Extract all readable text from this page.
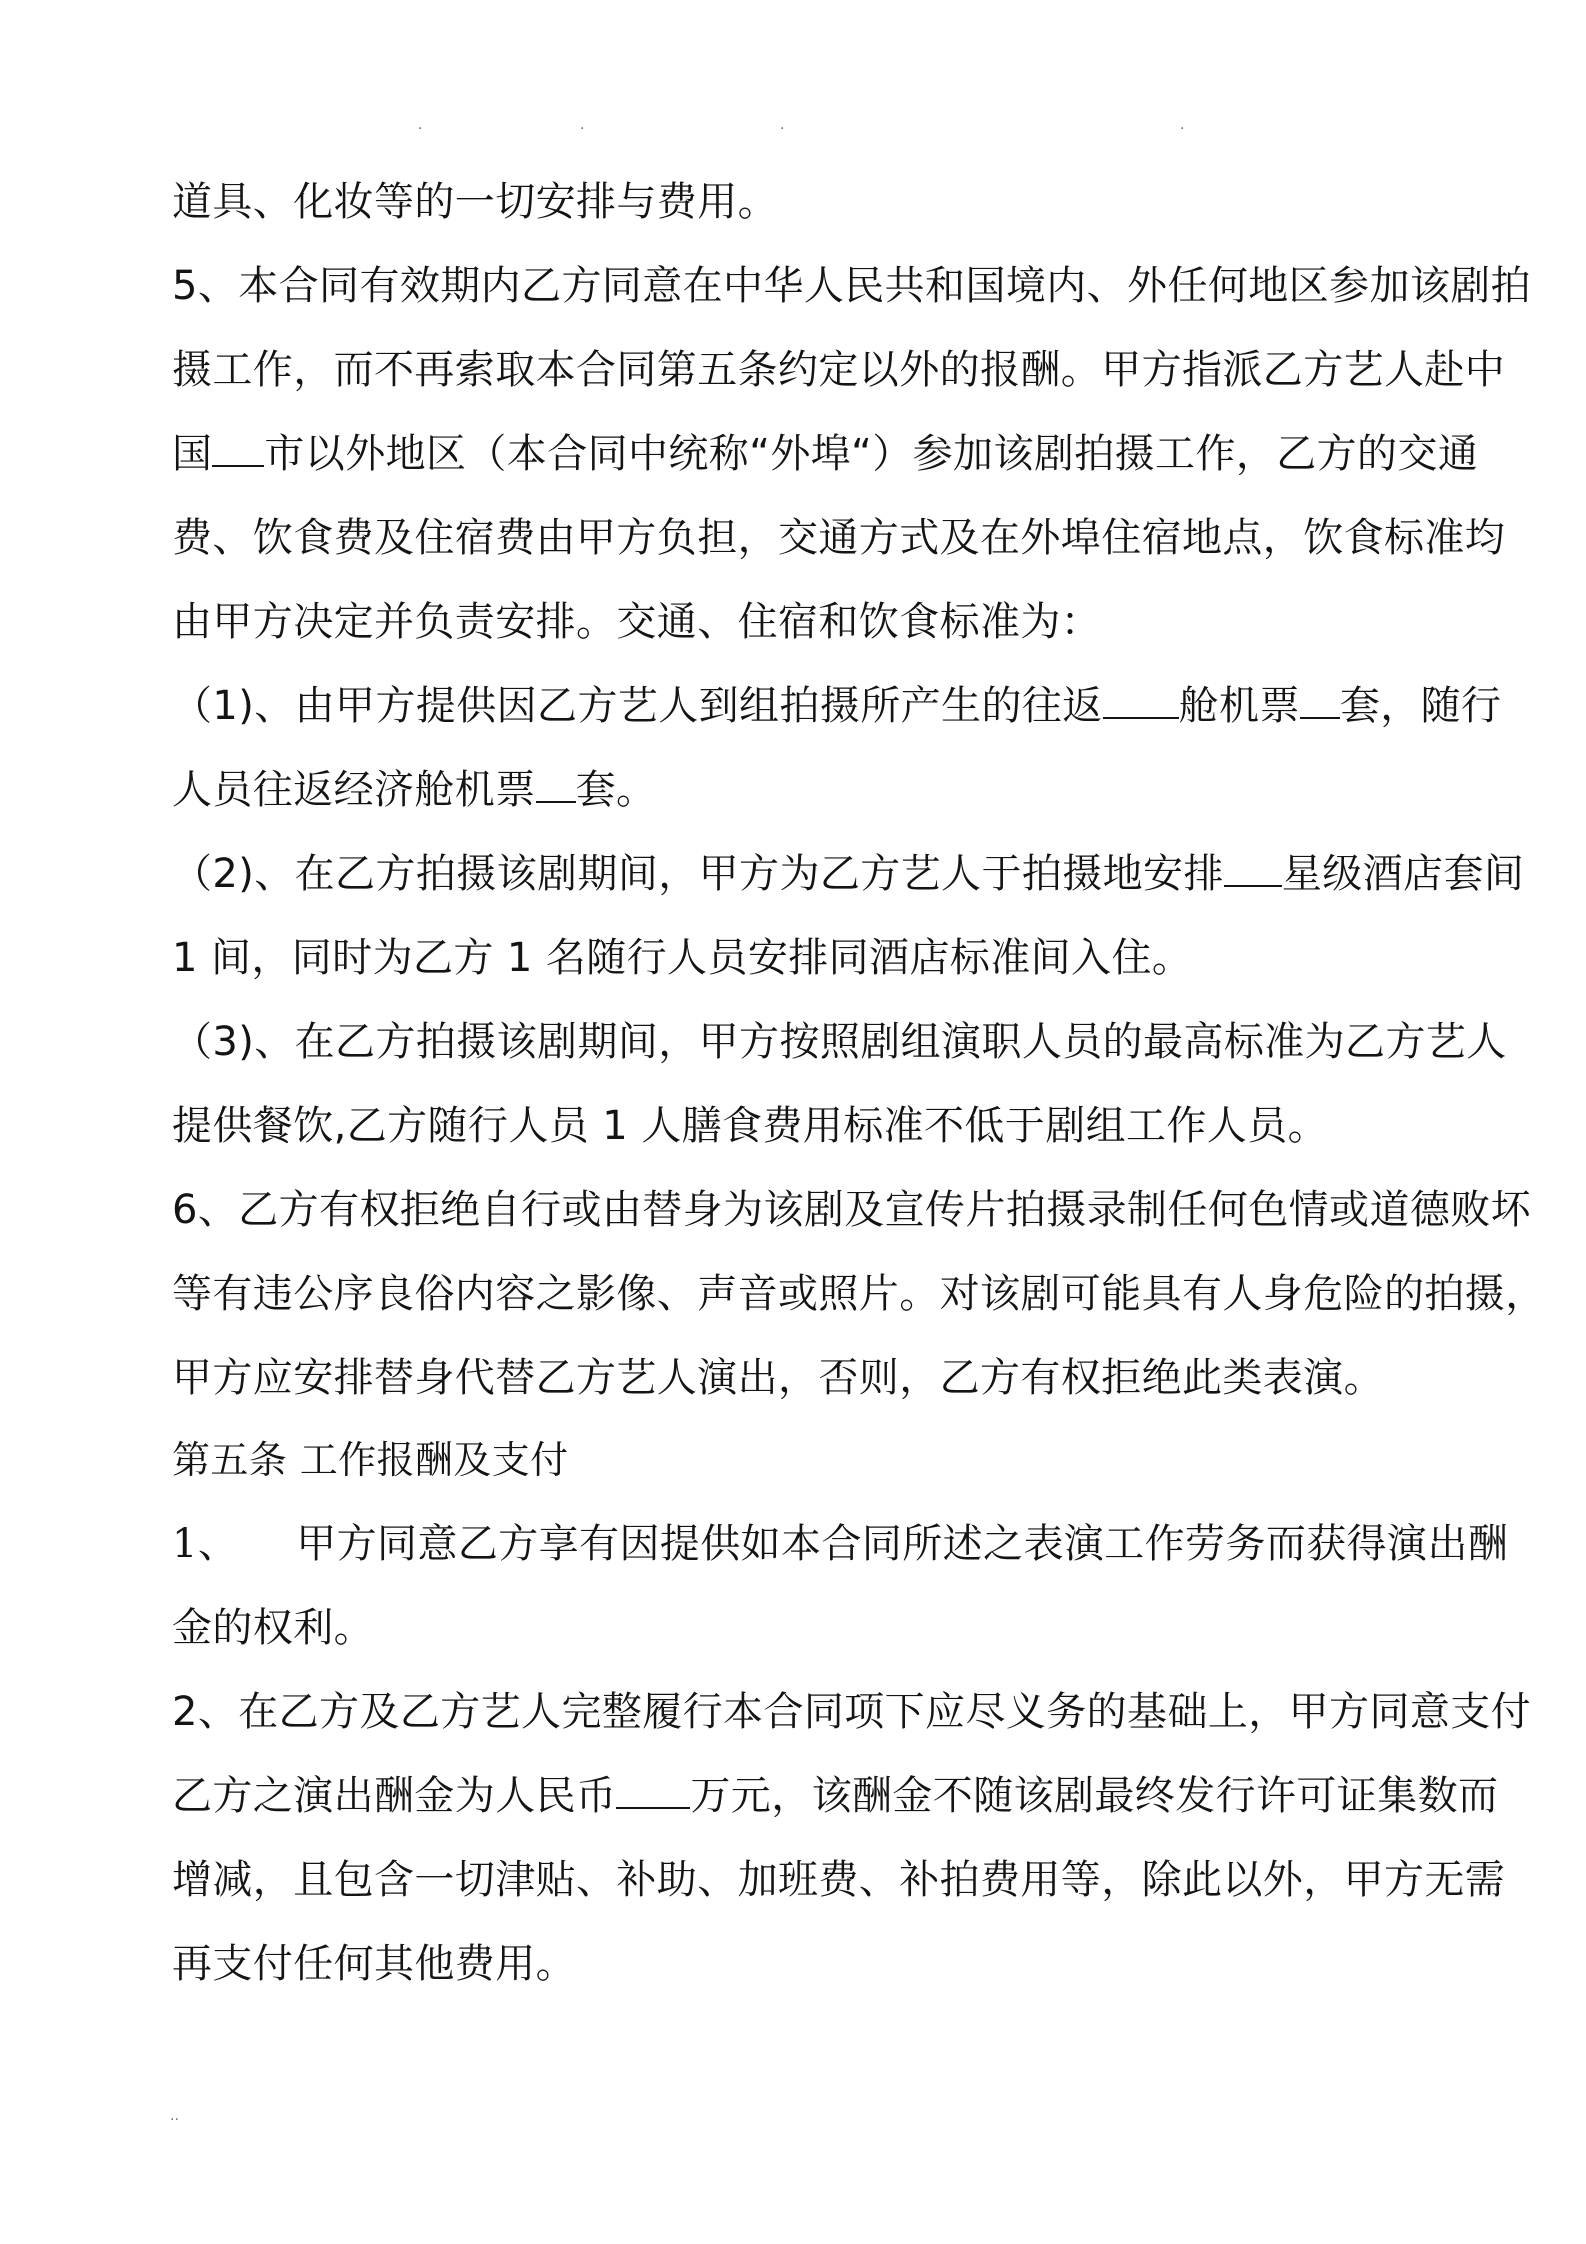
.	.	.	.
道具、化妆等的一切安排与费用。
5、本合同有效期内乙方同意在中华人民共和国境内、外任何地区参加该剧拍
摄工作，而不再索取本合同第五条约定以外的报酬。甲方指派乙方艺人赴中
国 市以外地区（本合同中统称“外埠“）参加该剧拍摄工作，乙方的交通
费、饮食费及住宿费由甲方负担，交通方式及在外埠住宿地点，饮食标准均
由甲方决定并负责安排。交通、住宿和饮食标准为：
（1)、由甲方提供因乙方艺人到组拍摄所产生的往返 舱机票 套，随行
人员往返经济舱机票 套。
（2)、在乙方拍摄该剧期间，甲方为乙方艺人于拍摄地安排 星级酒店套间
1 间，同时为乙方 1 名随行人员安排同酒店标准间入住。
（3)、在乙方拍摄该剧期间，甲方按照剧组演职人员的最高标准为乙方艺人
提供餐饮,乙方随行人员 1 人膳食费用标准不低于剧组工作人员。
6、乙方有权拒绝自行或由替身为该剧及宣传片拍摄录制任何色情或道德败坏
等有违公序良俗内容之影像、声音或照片。对该剧可能具有人身危险的拍摄，
甲方应安排替身代替乙方艺人演出，否则，乙方有权拒绝此类表演。
第五条 工作报酬及支付
1、 甲方同意乙方享有因提供如本合同所述之表演工作劳务而获得演出酬
金的权利。
2、在乙方及乙方艺人完整履行本合同项下应尽义务的基础上，甲方同意支付
乙方之演出酬金为人民币 万元，该酬金不随该剧最终发行许可证集数而
增减，且包含一切津贴、补助、加班费、补拍费用等，除此以外，甲方无需
再支付任何其他费用。
..
